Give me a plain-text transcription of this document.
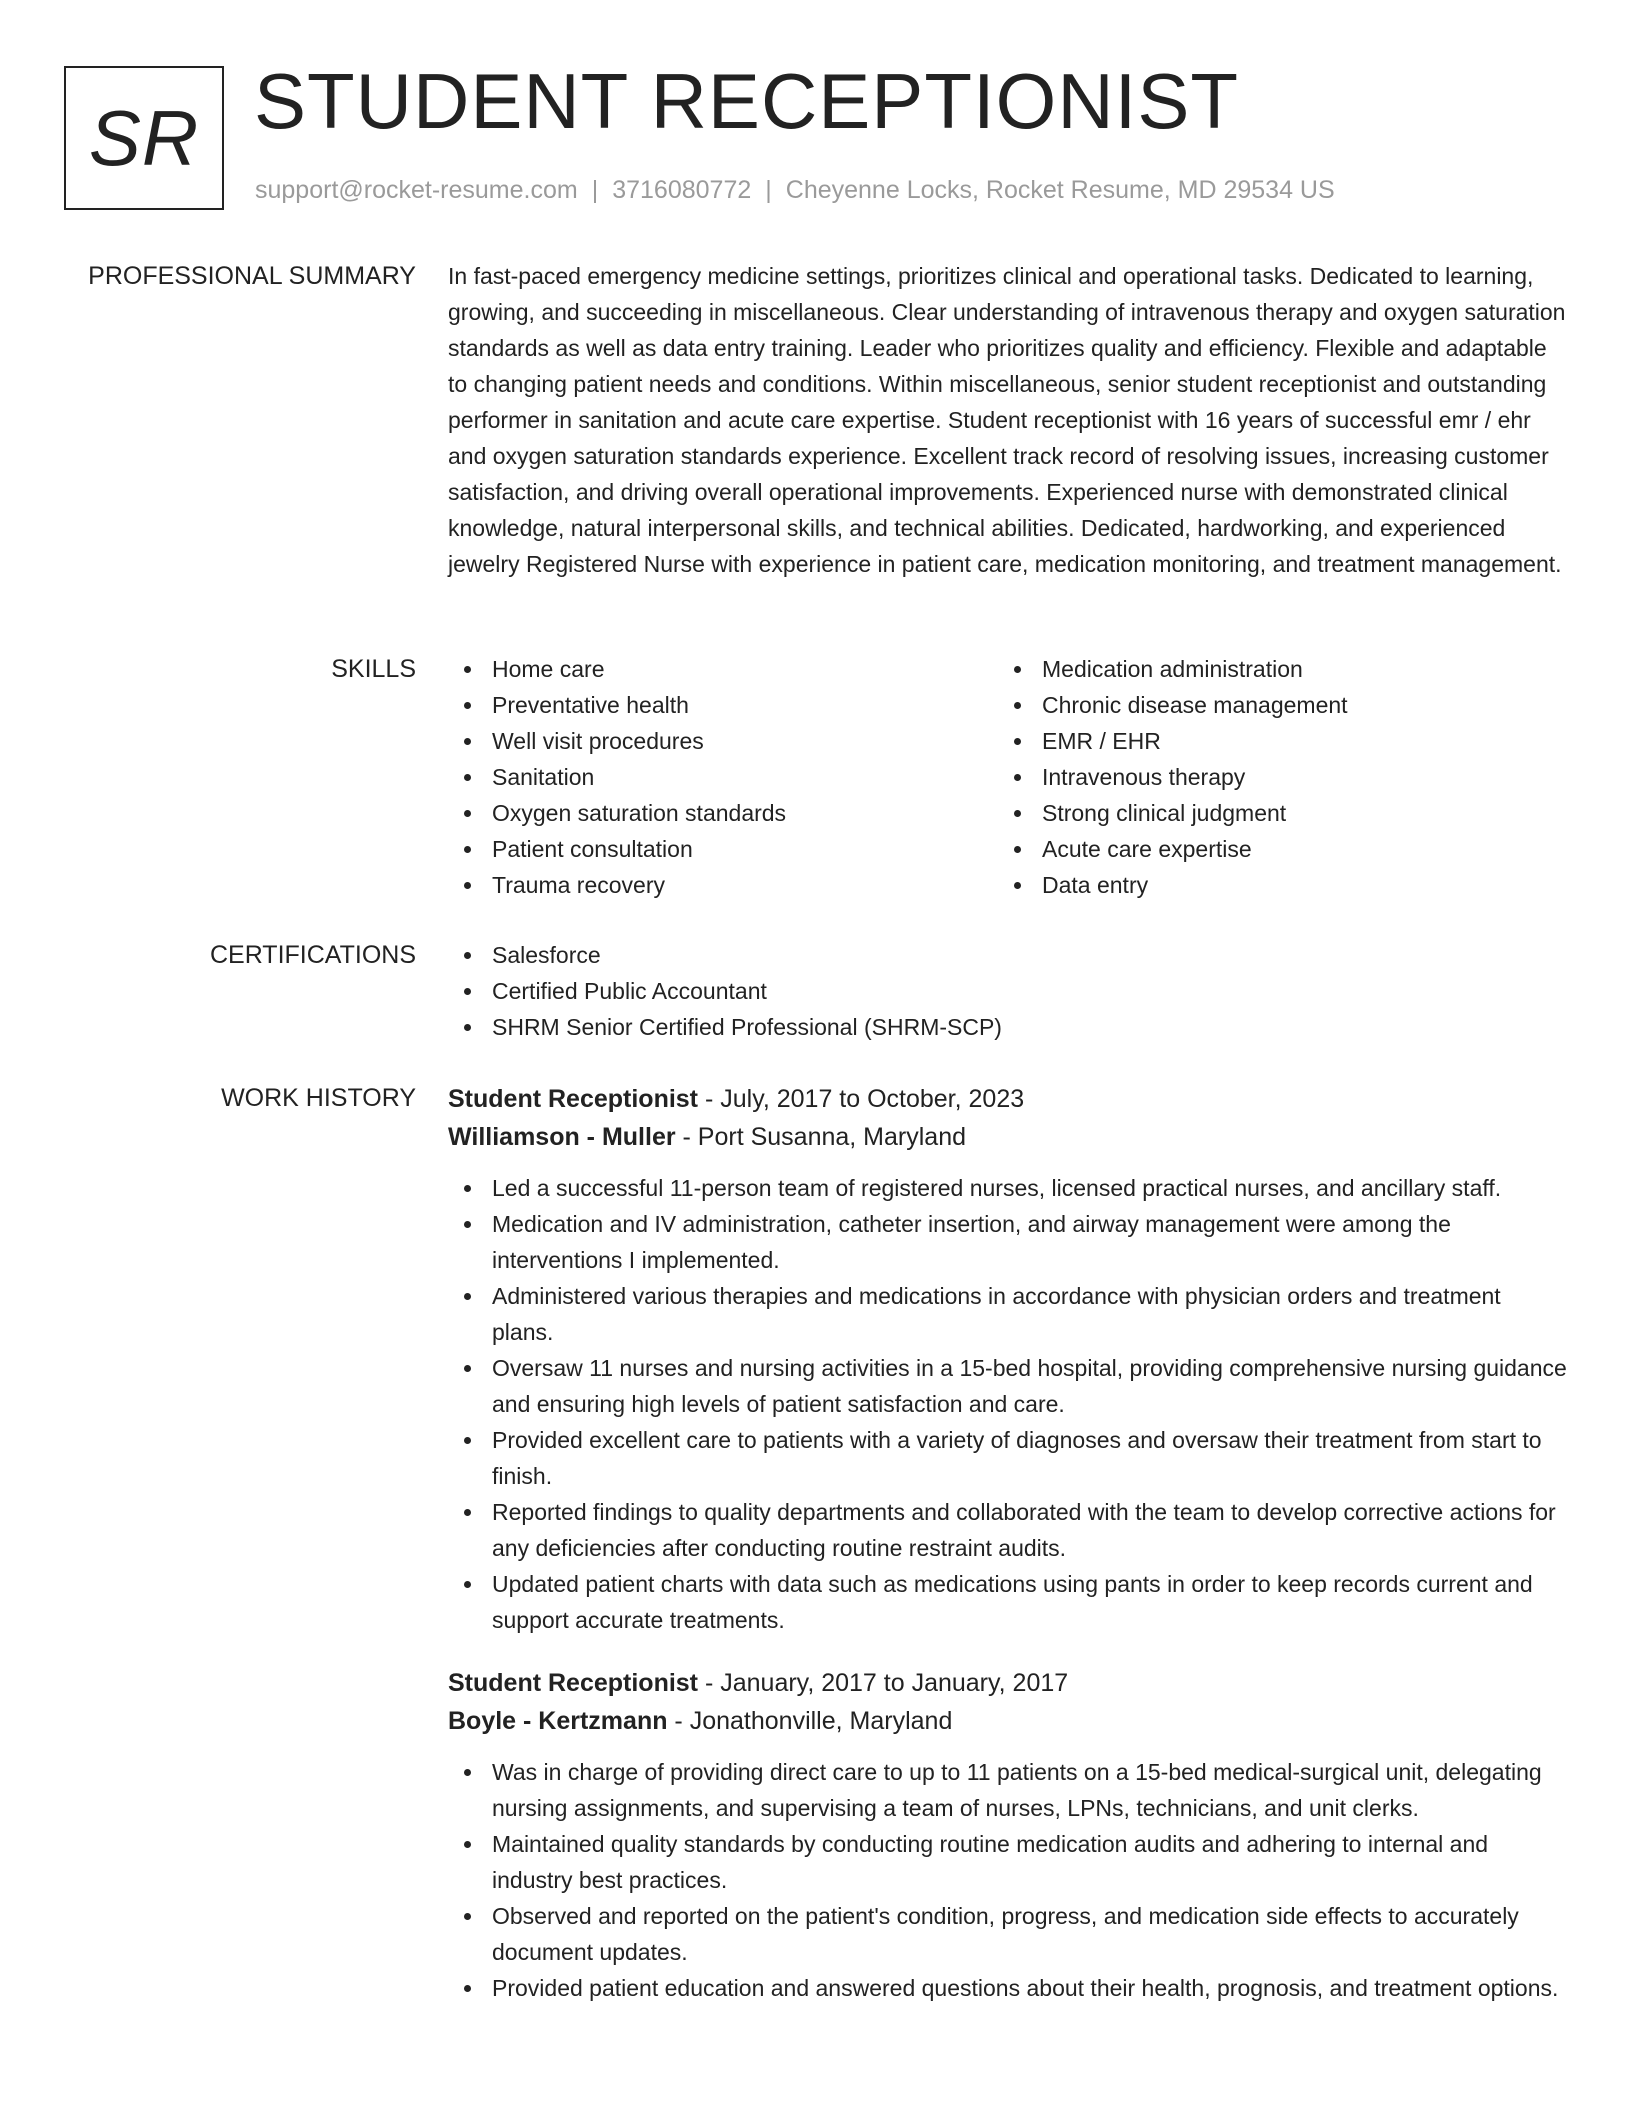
SR STUDENT RECEPTIONIST
support@rocket-resume.com | 3716080772 | Cheyenne Locks, Rocket Resume, MD 29534 US
PROFESSIONAL SUMMARY In fast-paced emergency medicine settings, prioritizes clinical and operational tasks. Dedicated to learning, growing, and succeeding in miscellaneous. Clear understanding of intravenous therapy and oxygen saturation standards as well as data entry training. Leader who prioritizes quality and efficiency. Flexible and adaptable to changing patient needs and conditions. Within miscellaneous, senior student receptionist and outstanding performer in sanitation and acute care expertise. Student receptionist with 16 years of successful emr / ehr and oxygen saturation standards experience. Excellent track record of resolving issues, increasing customer satisfaction, and driving overall operational improvements. Experienced nurse with demonstrated clinical knowledge, natural interpersonal skills, and technical abilities. Dedicated, hardworking, and experienced jewelry Registered Nurse with experience in patient care, medication monitoring, and treatment management.

SKILLS	Home care
Preventative health
Well visit procedures
Sanitation
Oxygen saturation standards
Patient consultation
Trauma recovery
Medication administration
Chronic disease management
EMR / EHR
Intravenous therapy
Strong clinical judgment
Acute care expertise
Data entry
CERTIFICATIONS	Salesforce
Certified Public Accountant
SHRM Senior Certified Professional (SHRM-SCP)
WORK HISTORY Student Receptionist - July, 2017 to October, 2023
Williamson - Muller - Port Susanna, Maryland
Led a successful 11-person team of registered nurses, licensed practical nurses, and ancillary staff.
Medication and IV administration, catheter insertion, and airway management were among the interventions I implemented.
Administered various therapies and medications in accordance with physician orders and treatment plans.
Oversaw 11 nurses and nursing activities in a 15-bed hospital, providing comprehensive nursing guidance and ensuring high levels of patient satisfaction and care.
Provided excellent care to patients with a variety of diagnoses and oversaw their treatment from start to finish.
Reported findings to quality departments and collaborated with the team to develop corrective actions for any deficiencies after conducting routine restraint audits.
Updated patient charts with data such as medications using pants in order to keep records current and support accurate treatments.
Student Receptionist - January, 2017 to January, 2017
Boyle - Kertzmann - Jonathonville, Maryland
Was in charge of providing direct care to up to 11 patients on a 15-bed medical-surgical unit, delegating nursing assignments, and supervising a team of nurses, LPNs, technicians, and unit clerks.
Maintained quality standards by conducting routine medication audits and adhering to internal and industry best practices.
Observed and reported on the patient's condition, progress, and medication side effects to accurately document updates.
Provided patient education and answered questions about their health, prognosis, and treatment options.
